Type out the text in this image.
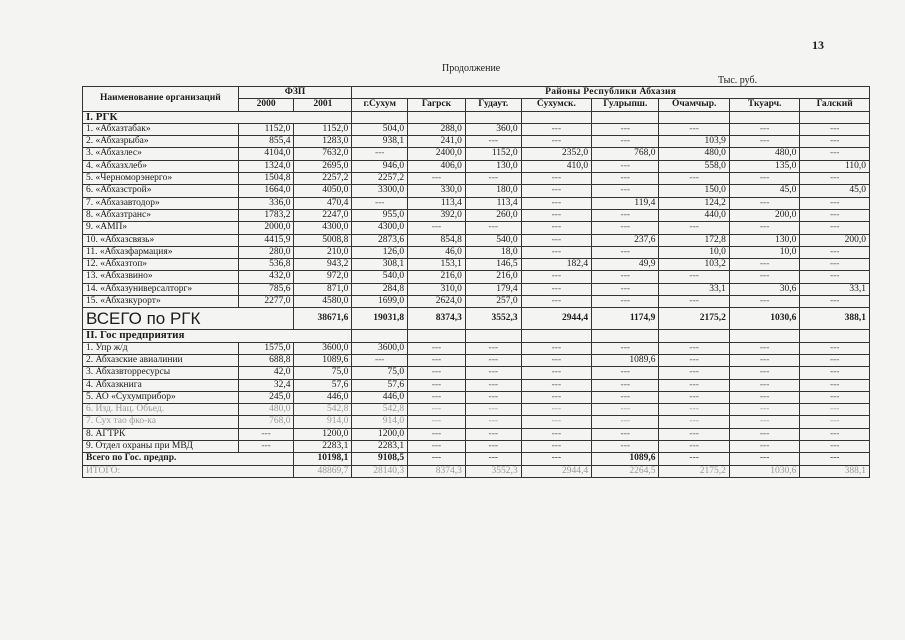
13
Продолжение
Тыс. руб.
Наименование организаций	ФЗП		Районы Республики Абхазия							
	2000	2001	г.Сухум	Гагрск	Гудаут.	Сухумск.	Гулрыпш.	Очамчыр.	Ткуарч.	Галский
I. РГК										
1. «Абхазтабак»	1152,0	1152,0	504,0	288,0	360,0	---	---	---	---	---
2. «Абхазрыба»	855,4	1283,0	938,1	241,0	---	---	---	103,9	---	---
3. «Абхазлес»	4104,0	7632,0	---	2400,0	1152,0	2352,0	768,0	480,0	480,0	---
4. «Абхазхлеб»	1324,0	2695,0	946,0	406,0	130,0	410,0	---	558,0	135,0	110,0
5. «Черноморэнерго»	1504,8	2257,2	2257,2	---	---	---	---	---	---	---
6. «Абхазстрой»	1664,0	4050,0	3300,0	330,0	180,0	---	---	150,0	45,0	45,0
7. «Абхазавтодор»	336,0	470,4	---	113,4	113,4	---	119,4	124,2	---	---
8. «Абхазтранс»	1783,2	2247,0	955,0	392,0	260,0	---	---	440,0	200,0	---
9. «АМП»	2000,0	4300,0	4300,0	---	---	---	---	---	---	---
10. «Абхазсвязь»	4415,9	5008,8	2873,6	854,8	540,0	---	237,6	172,8	130,0	200,0
11. «Абхазфармация»	280,0	210,0	126,0	46,0	18,0	---	---	10,0	10,0	---
12. «Абхазтоп»	536,8	943,2	308,1	153,1	146,5	182,4	49,9	103,2	---	---
13. «Абхазвино»	432,0	972,0	540,0	216,0	216,0	---	---	---	---	---
14. «Абхазуниверсалторг»	785,6	871,0	284,8	310,0	179,4	---	---	33,1	30,6	33,1
15. «Абхазкурорт»	2277,0	4580,0	1699,0	2624,0	257,0	---	---	---	---	---
ВСЕГО по РГК		38671,6	19031,8	8374,3	3552,3	2944,4	1174,9	2175,2	1030,6	388,1
II. Гос предприятия										
1. Упр ж/д	1575,0	3600,0	3600,0	---	---	---	---	---	---	---
2. Абхазские авиалинии	688,8	1089,6	---	---	---	---	1089,6	---	---	---
3. Абхазвторресурсы	42,0	75,0	75,0	---	---	---	---	---	---	---
4. Абхазкнига	32,4	57,6	57,6	---	---	---	---	---	---	---
5. АО «Сухумприбор»	245,0	446,0	446,0	---	---	---	---	---	---	---
6. Изд. Нац. Объед.	480,0	542,8	542,8	---	---	---	---	---	---	---
7. Сух тао фко-ка	768,0	914,0	914,0	---	---	---	---	---	---	---
8. АГТРК	---	1200,0	1200,0	---	---	---	---	---	---	---
9. Отдел охраны при МВД	---	2283,1	2283,1	---	---	---	---	---	---	---
Всего по Гос. предпр.		10198,1	9108,5	---	---	---	1089,6	---	---	---
ИТОГО:		48869,7	28140,3	8374,3	3552,3	2944,4	2264,5	2175,2	1030,6	388,1
